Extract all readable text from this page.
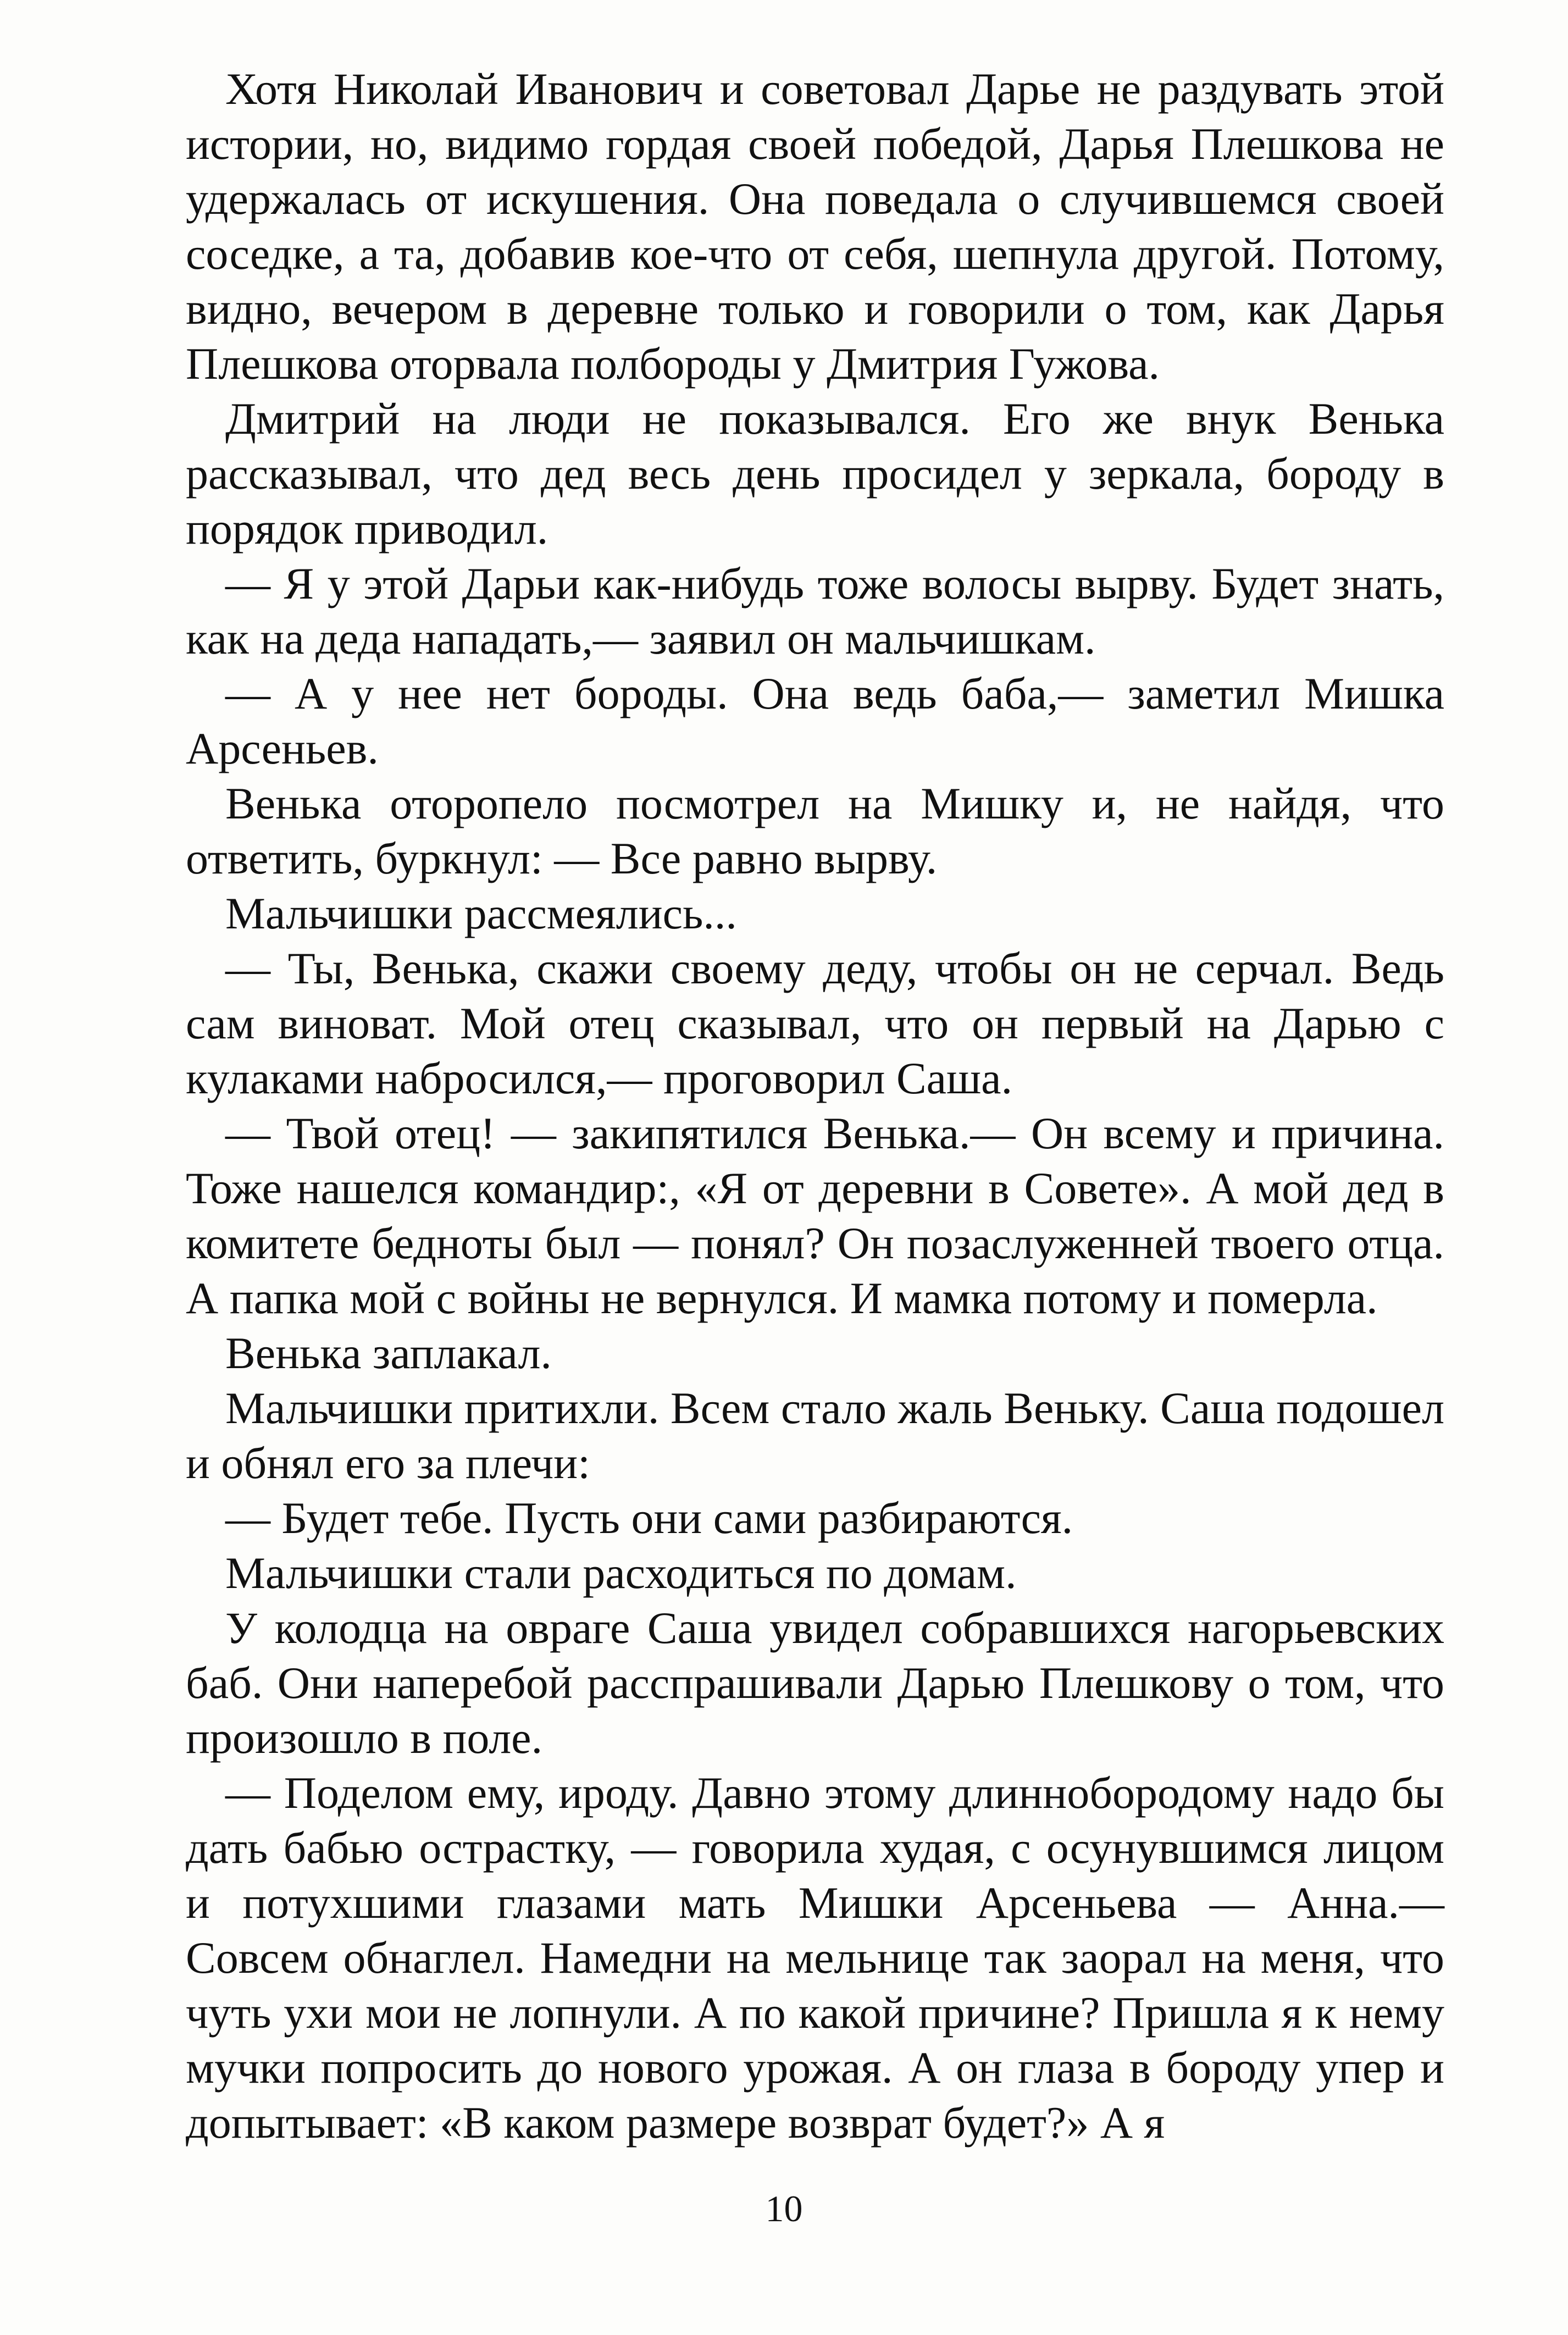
Хотя Николай Иванович и советовал Дарье не раздувать этой истории, но, видимо гордая своей победой, Дарья Плешкова не удержалась от искушения. Она поведала о случившемся своей соседке, а та, добавив кое-что от себя, шепнула другой. Потому, видно, вечером в деревне только и говорили о том, как Дарья Плешкова оторвала полбороды у Дмитрия Гужова.

Дмитрий на люди не показывался. Его же внук Венька рассказывал, что дед весь день просидел у зеркала, бороду в порядок приводил.

— Я у этой Дарьи как-нибудь тоже волосы вырву. Будет знать, как на деда нападать,— заявил он мальчишкам.

— А у нее нет бороды. Она ведь баба,— заметил Мишка Арсеньев.

Венька оторопело посмотрел на Мишку и, не найдя, что ответить, буркнул: — Все равно вырву.

Мальчишки рассмеялись...

— Ты, Венька, скажи своему деду, чтобы он не серчал. Ведь сам виноват. Мой отец сказывал, что он первый на Дарью с кулаками набросился,— проговорил Саша.

— Твой отец! — закипятился Венька.— Он всему и причина. Тоже нашелся командир:, «Я от деревни в Совете». А мой дед в комитете бедноты был — понял? Он позаслуженней твоего отца. А папка мой с войны не вернулся. И мамка потому и померла.

Венька заплакал.

Мальчишки притихли. Всем стало жаль Веньку. Саша подошел и обнял его за плечи:

— Будет тебе. Пусть они сами разбираются.

Мальчишки стали расходиться по домам.

У колодца на овраге Саша увидел собравшихся нагорьевских баб. Они наперебой расспрашивали Дарью Плешкову о том, что произошло в поле.

— Поделом ему, ироду. Давно этому длиннобородому надо бы дать бабью острастку, — говорила худая, с осунувшимся лицом и потухшими глазами мать Мишки Арсеньева — Анна.— Совсем обнаглел. Намедни на мельнице так заорал на меня, что чуть ухи мои не лопнули. А по какой причине? Пришла я к нему мучки попросить до нового урожая. А он глаза в бороду упер и допытывает: «В каком размере возврат будет?» А я

10
